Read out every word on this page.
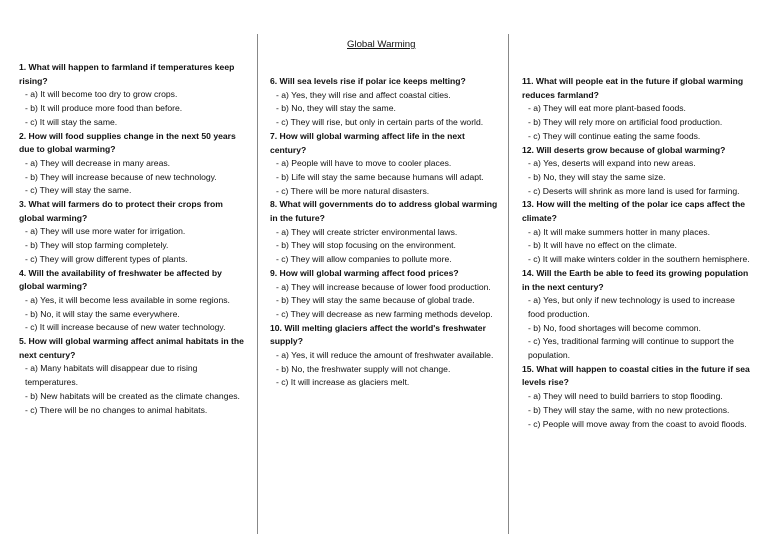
Global Warming

1. What will happen to farmland if temperatures keep rising?

- a) It will become too dry to grow crops.

- b) It will produce more food than before.

- c) It will stay the same.

2. How will food supplies change in the next 50 years due to global warming?

- a) They will decrease in many areas.

- b) They will increase because of new technology.

- c) They will stay the same.

3. What will farmers do to protect their crops from global warming?

- a) They will use more water for irrigation.

- b) They will stop farming completely.

- c) They will grow different types of plants.

4. Will the availability of freshwater be affected by global warming?

- a) Yes, it will become less available in some regions.

- b) No, it will stay the same everywhere.

- c) It will increase because of new water technology.

5. How will global warming affect animal habitats in the next century?

- a) Many habitats will disappear due to rising temperatures.

- b) New habitats will be created as the climate changes.

- c) There will be no changes to animal habitats.

6. Will sea levels rise if polar ice keeps melting?

- a) Yes, they will rise and affect coastal cities.

- b) No, they will stay the same.

- c) They will rise, but only in certain parts of the world.

7. How will global warming affect life in the next century?

- a) People will have to move to cooler places.

- b) Life will stay the same because humans will adapt.

- c) There will be more natural disasters.

8. What will governments do to address global warming in the future?

- a) They will create stricter environmental laws.

- b) They will stop focusing on the environment.

- c) They will allow companies to pollute more.

9. How will global warming affect food prices?

- a) They will increase because of lower food production.

- b) They will stay the same because of global trade.

- c) They will decrease as new farming methods develop.

10. Will melting glaciers affect the world's freshwater supply?

- a) Yes, it will reduce the amount of freshwater available.

- b) No, the freshwater supply will not change.

- c) It will increase as glaciers melt.

11. What will people eat in the future if global warming reduces farmland?

- a) They will eat more plant-based foods.

- b) They will rely more on artificial food production.

- c) They will continue eating the same foods.

12. Will deserts grow because of global warming?

- a) Yes, deserts will expand into new areas.

- b) No, they will stay the same size.

- c) Deserts will shrink as more land is used for farming.

13. How will the melting of the polar ice caps affect the climate?

- a) It will make summers hotter in many places.

- b) It will have no effect on the climate.

- c) It will make winters colder in the southern hemisphere.

14. Will the Earth be able to feed its growing population in the next century?

- a) Yes, but only if new technology is used to increase food production.

- b) No, food shortages will become common.

- c) Yes, traditional farming will continue to support the population.

15. What will happen to coastal cities in the future if sea levels rise?

- a) They will need to build barriers to stop flooding.

- b) They will stay the same, with no new protections.

- c) People will move away from the coast to avoid floods.
